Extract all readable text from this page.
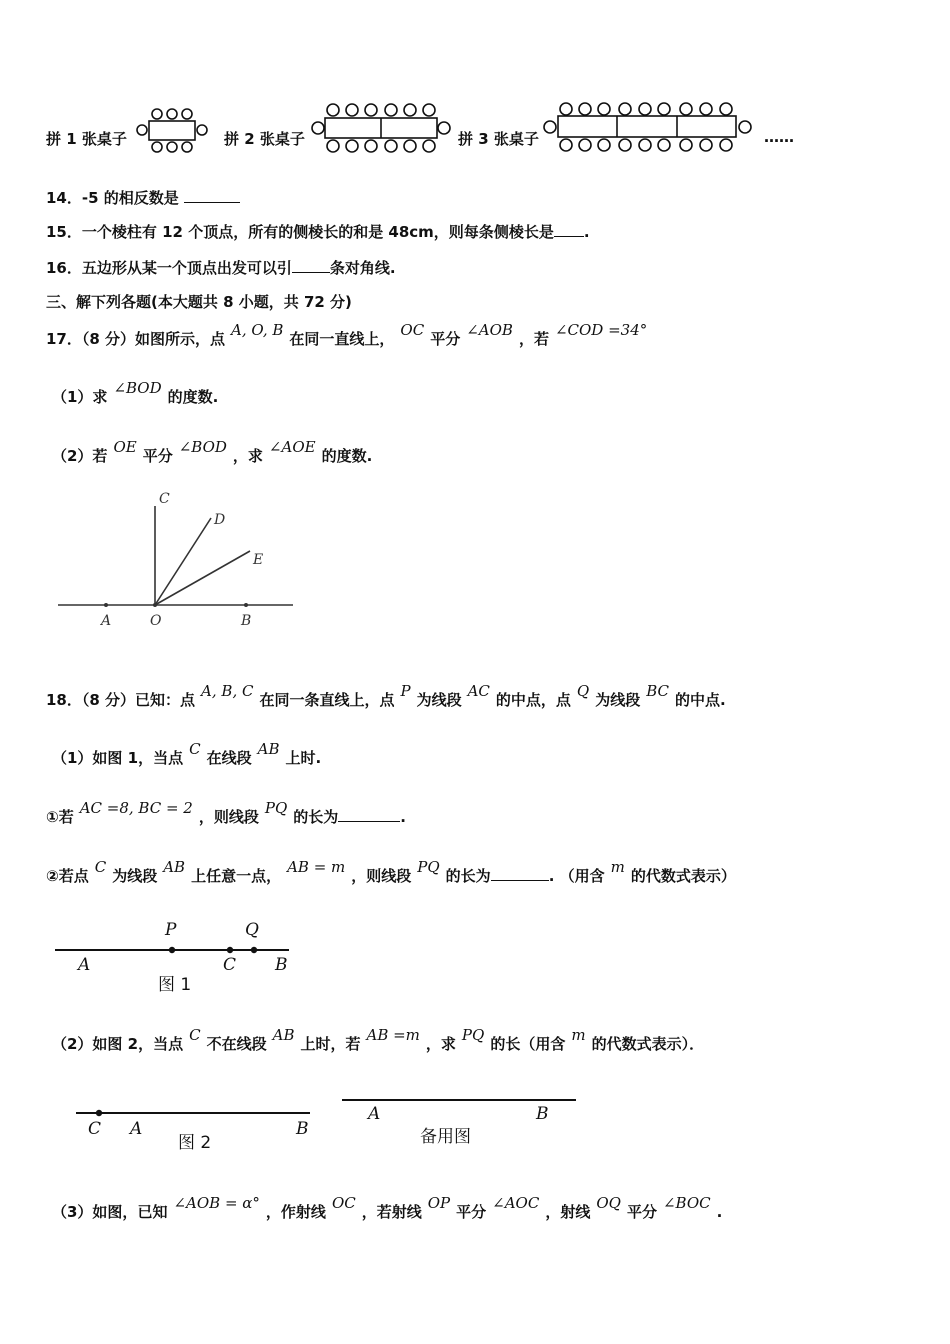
拼 1 张桌子	拼 2 张桌子	拼 3 张桌子	……
14．-5 的相反数是
15．一个棱柱有 12 个顶点，所有的侧棱长的和是 48cm，则每条侧棱长是 .
16．五边形从某一个顶点出发可以引	条对角线.
三、解下列各题(本大题共 8 小题，共 72 分)
17．（8 分）如图所示，点 A, O, B 在同一直线上， OC 平分 ∠AOB ，若 ∠COD =34°
（1）求 ∠BOD 的度数.
（2）若 OE 平分 ∠BOD ，求 ∠AOE 的度数.
C
D
E
A	O	B
18．（8 分）已知：点 A, B, C 在同一条直线上，点 P 为线段 AC 的中点，点 Q 为线段 BC 的中点.
（1）如图 1，当点 C 在线段 AB 上时.
①若 AC =8, BC = 2 ，则线段 PQ 的长为	.
②若点 C 为线段 AB 上任意一点， AB = m ，则线段 PQ 的长为	. （用含 m 的代数式表示）
P	Q
A	C B
图 1
（2）如图 2，当点 C 不在线段 AB 上时，若 AB =m ，求 PQ 的长（用含 m 的代数式表示）．
C A	B
图 2
A	B
备用图
（3）如图，已知 ∠AOB = α° ，作射线 OC ，若射线 OP 平分 ∠AOC ，射线 OQ 平分 ∠BOC .
